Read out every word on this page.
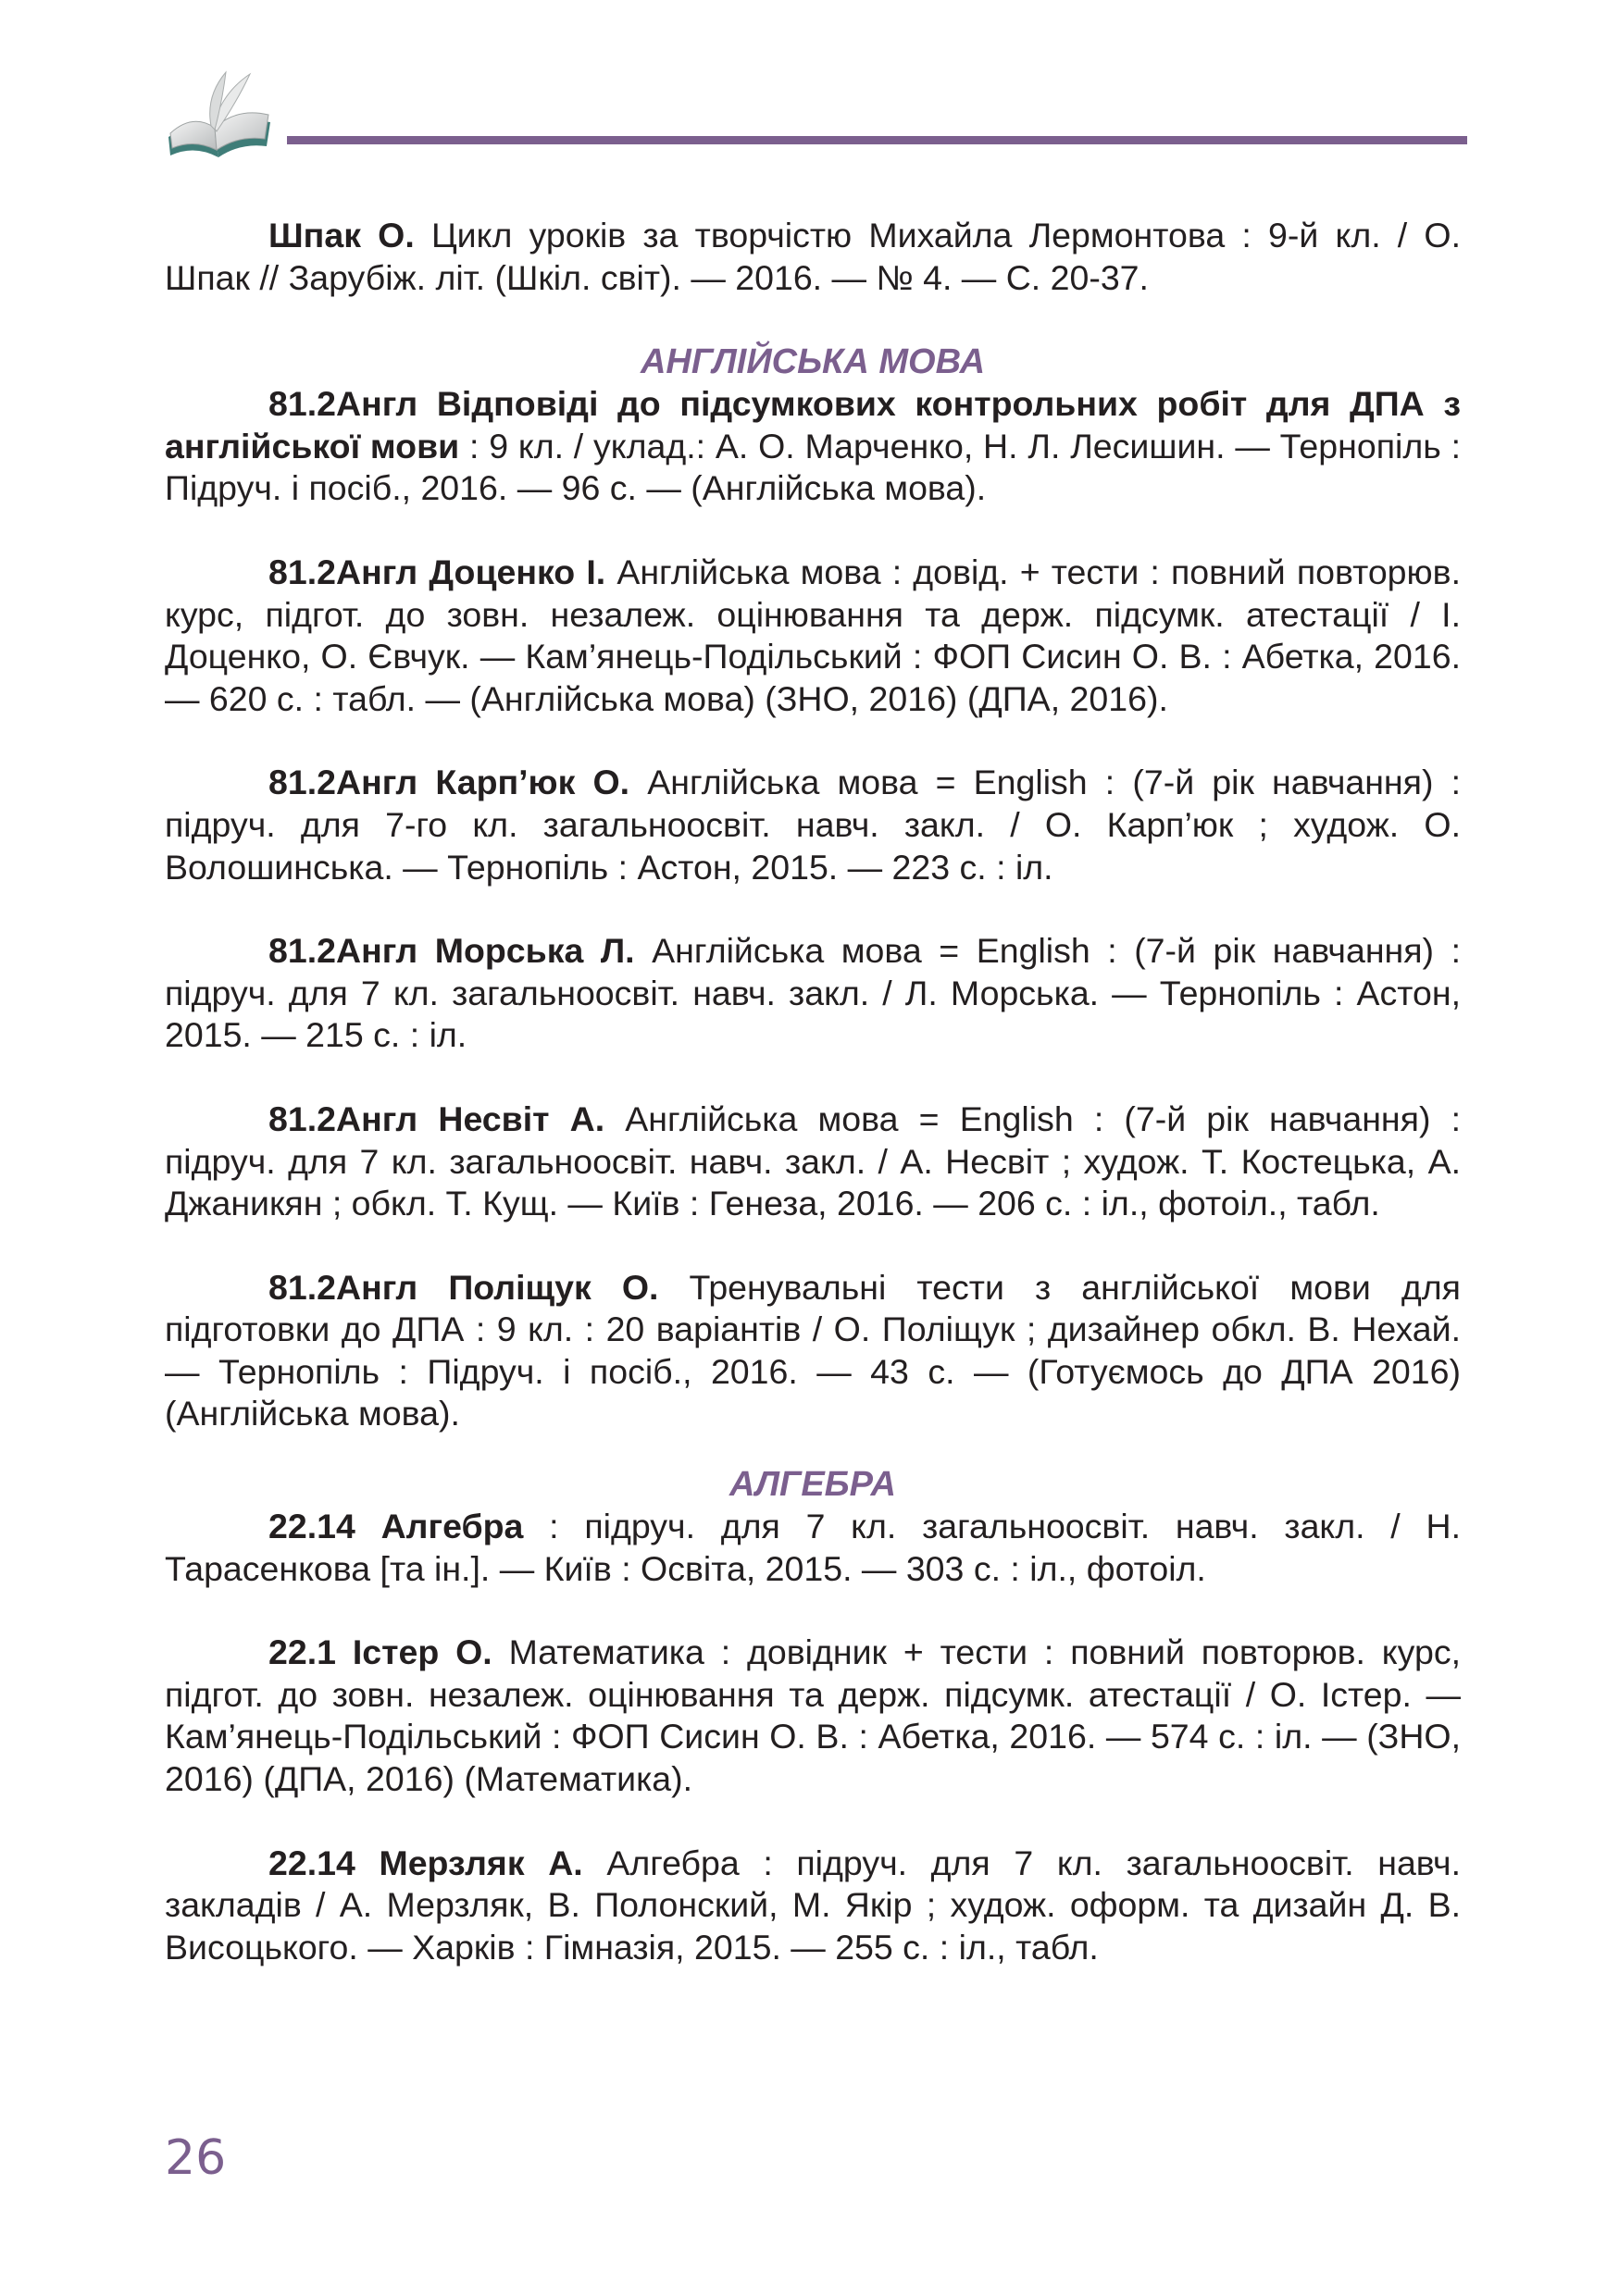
Шпак О. Цикл уроків за творчістю Михайла Лермонтова : 9-й кл. / О. Шпак // Зарубіж. літ. (Шкіл. світ). — 2016. — № 4. — С. 20-37.

АНГЛІЙСЬКА МОВА

81.2Англ Відповіді до підсумкових контрольних робіт для ДПА з англійської мови : 9 кл. / уклад.: А. О. Марченко, Н. Л. Лесишин. — Тернопіль : Підруч. і посіб., 2016. — 96 с. — (Англійська мова).

81.2Англ Доценко І. Англійська мова : довід. + тести : повний повторюв. курс, підгот. до зовн. незалеж. оцінювання та держ. підсумк. атестації / І. Доценко, О. Євчук. — Кам’янець-Подільський : ФОП Сисин О. В. : Абетка, 2016. — 620 с. : табл. — (Англійська мова) (ЗНО, 2016) (ДПА, 2016).

81.2Англ Карп’юк О. Англійська мова = English : (7-й рік навчання) : підруч. для 7-го кл. загальноосвіт. навч. закл. / О. Карп’юк ; худож. О. Волошинська. — Тернопіль : Астон, 2015. — 223 с. : іл.

81.2Англ Морська Л. Англійська мова = English : (7-й рік навчання) : підруч. для 7 кл. загальноосвіт. навч. закл. / Л. Морська. — Тернопіль : Астон, 2015. — 215 с. : іл.

81.2Англ Несвіт А. Англійська мова = English : (7-й рік навчання) : підруч. для 7 кл. загальноосвіт. навч. закл. / А. Несвіт ; худож. Т. Костецька, А. Джаникян ; обкл. Т. Кущ. — Київ : Генеза, 2016. — 206 с. : іл., фотоіл., табл.

81.2Англ Поліщук О. Тренувальні тести з англійської мови для підготовки до ДПА : 9 кл. : 20 варіантів / О. Поліщук ; дизайнер обкл. В. Нехай. — Тернопіль : Підруч. і посіб., 2016. — 43 с. — (Готуємось до ДПА 2016) (Англійська мова).

АЛГЕБРА

22.14 Алгебра : підруч. для 7 кл. загальноосвіт. навч. закл. / Н. Тарасенкова [та ін.]. — Київ : Освіта, 2015. — 303 с. : іл., фотоіл.

22.1 Істер О. Математика : довідник + тести : повний повторюв. курс, підгот. до зовн. незалеж. оцінювання та держ. підсумк. атестації / О. Істер. — Кам’янець-Подільський : ФОП Сисин О. В. : Абетка, 2016. — 574 с. : іл. — (ЗНО, 2016) (ДПА, 2016) (Математика).

22.14 Мерзляк А. Алгебра : підруч. для 7 кл. загальноосвіт. навч. закладів / А. Мерзляк, В. Полонский, М. Якір ; худож. оформ. та дизайн Д. В. Висоцького. — Харків : Гімназія, 2015. — 255 с. : іл., табл.

26
